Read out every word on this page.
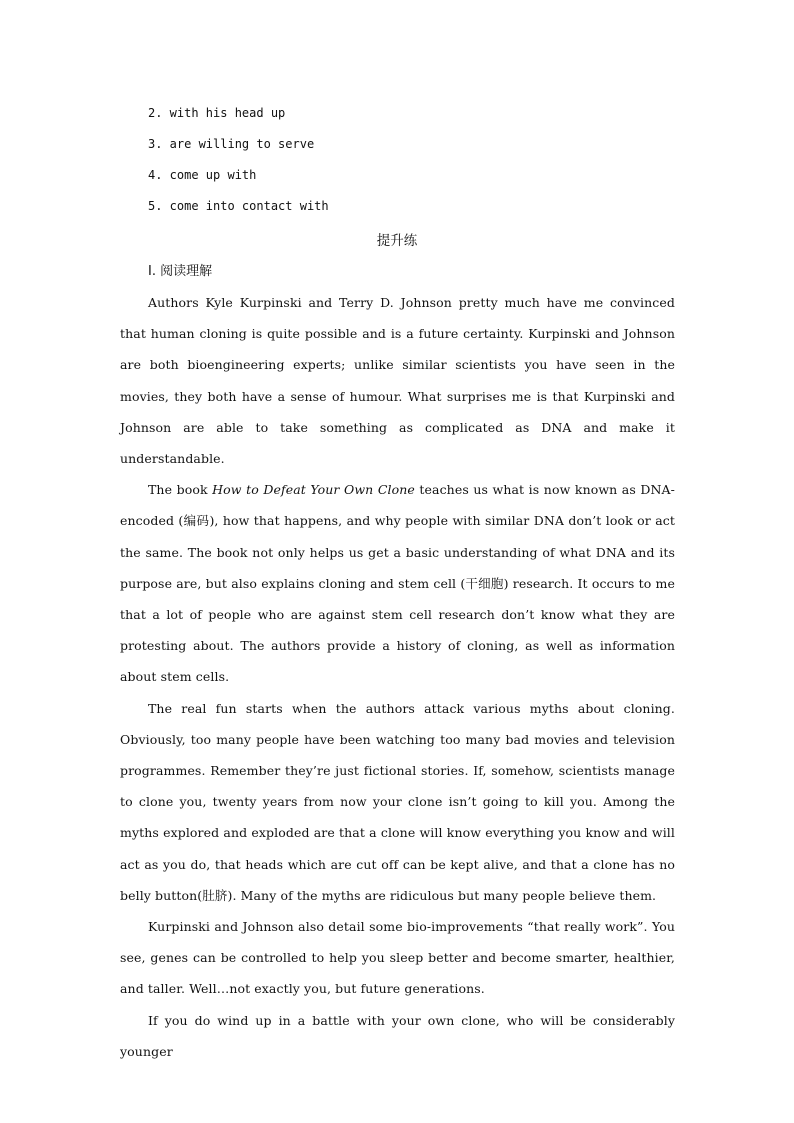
2. with his head up
3. are willing to serve
4. come up with
5. come into contact with
提升练
Ⅰ. 阅读理解

Authors Kyle Kurpinski and Terry D. Johnson pretty much have me convinced that human cloning is quite possible and is a future certainty. Kurpinski and Johnson are both bioengineering experts; unlike similar scientists you have seen in the movies, they both have a sense of humour. What surprises me is that Kurpinski and Johnson are able to take something as complicated as DNA and make it understandable.

The book How to Defeat Your Own Clone teaches us what is now known as DNA-encoded (编码), how that happens, and why people with similar DNA don’t look or act the same. The book not only helps us get a basic understanding of what DNA and its purpose are, but also explains cloning and stem cell (干细胞) research. It occurs to me that a lot of people who are against stem cell research don’t know what they are protesting about. The authors provide a history of cloning, as well as information about stem cells.

The real fun starts when the authors attack various myths about cloning. Obviously, too many people have been watching too many bad movies and television programmes. Remember they’re just fictional stories. If, somehow, scientists manage to clone you, twenty years from now your clone isn’t going to kill you. Among the myths explored and exploded are that a clone will know everything you know and will act as you do, that heads which are cut off can be kept alive, and that a clone has no belly button(肚脐). Many of the myths are ridiculous but many people believe them.

Kurpinski and Johnson also detail some bio-improvements “that really work”. You see, genes can be controlled to help you sleep better and become smarter, healthier, and taller. Well…not exactly you, but future generations.

If you do wind up in a battle with your own clone, who will be considerably younger
